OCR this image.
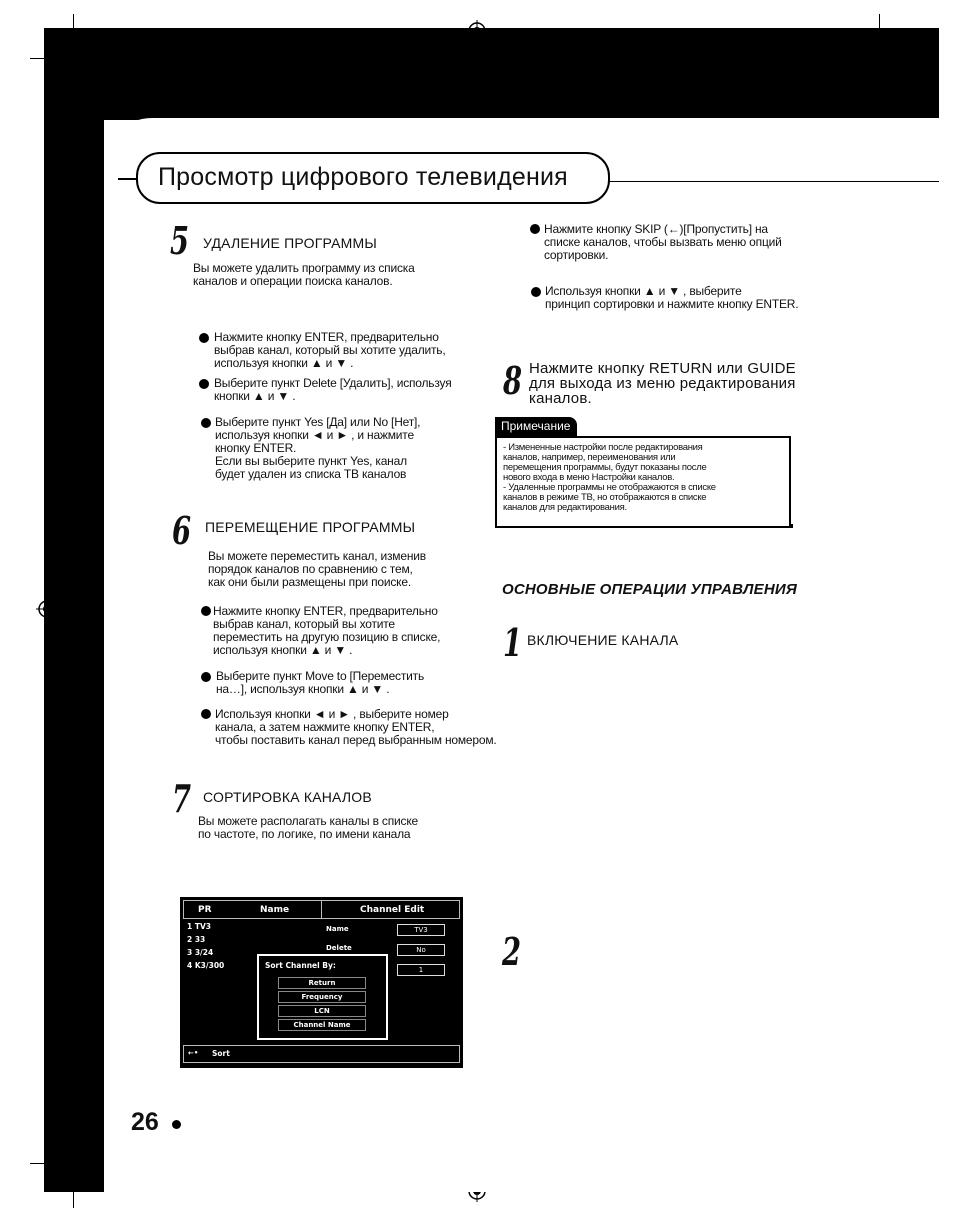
Просмотр цифрового телевидения
5 УДАЛЕНИЕ ПРОГРАММЫ
Вы можете удалить программу из списка
каналов и операции поиска каналов.
Нажмите кнопку ENTER, предварительно
выбрав канал, который вы хотите удалить,
используя кнопки ▲ и ▼ .
Выберите пункт Delete [Удалить], используя
кнопки ▲ и ▼ .
Выберите пункт Yes [Да] или No [Нет],
используя кнопки ◄ и ► , и нажмите
кнопку ENTER.
Если вы выберите пункт Yes, канал
будет удален из списка ТВ каналов
6 ПЕРЕМЕЩЕНИЕ ПРОГРАММЫ
Вы можете переместить канал, изменив
порядок каналов по сравнению с тем,
как они были размещены при поиске.
Нажмите кнопку ENTER, предварительно
выбрав канал, который вы хотите
переместить на другую позицию в списке,
используя кнопки ▲ и ▼ .
Выберите пункт Move to [Переместить
на…], используя кнопки ▲ и ▼ .
Используя кнопки ◄ и ► , выберите номер
канала, а затем нажмите кнопку ENTER,
чтобы поставить канал перед выбранным номером.
7 СОРТИРОВКА КАНАЛОВ
Вы можете располагать каналы в списке
по частоте, по логике, по имени канала
Нажмите кнопку SKIP (←)[Пропустить] на
списке каналов, чтобы вызвать меню опций
сортировки.
Используя кнопки ▲ и ▼ , выберите
принцип сортировки и нажмите кнопку ENTER.
8 Нажмите кнопку RETURN или GUIDE
для выхода из меню редактирования
каналов.
Примечание
- Измененные настройки после редактирования
каналов, например, переименования или
перемещения программы, будут показаны после
нового входа в меню Настройки каналов.
- Удаленные программы не отображаются в списке
каналов в режиме ТВ, но отображаются в списке
каналов для редактирования.
ОСНОВНЫЕ ОПЕРАЦИИ УПРАВЛЕНИЯ
1 ВКЛЮЧЕНИЕ КАНАЛА
2
PR	Name	Channel Edit
1 TV3
2 33
3 3/24
4 K3/300
Name
Delete
TV3
No
1
Sort Channel By:
Return
Frequency
LCN
Channel Name
←• Sort
26
